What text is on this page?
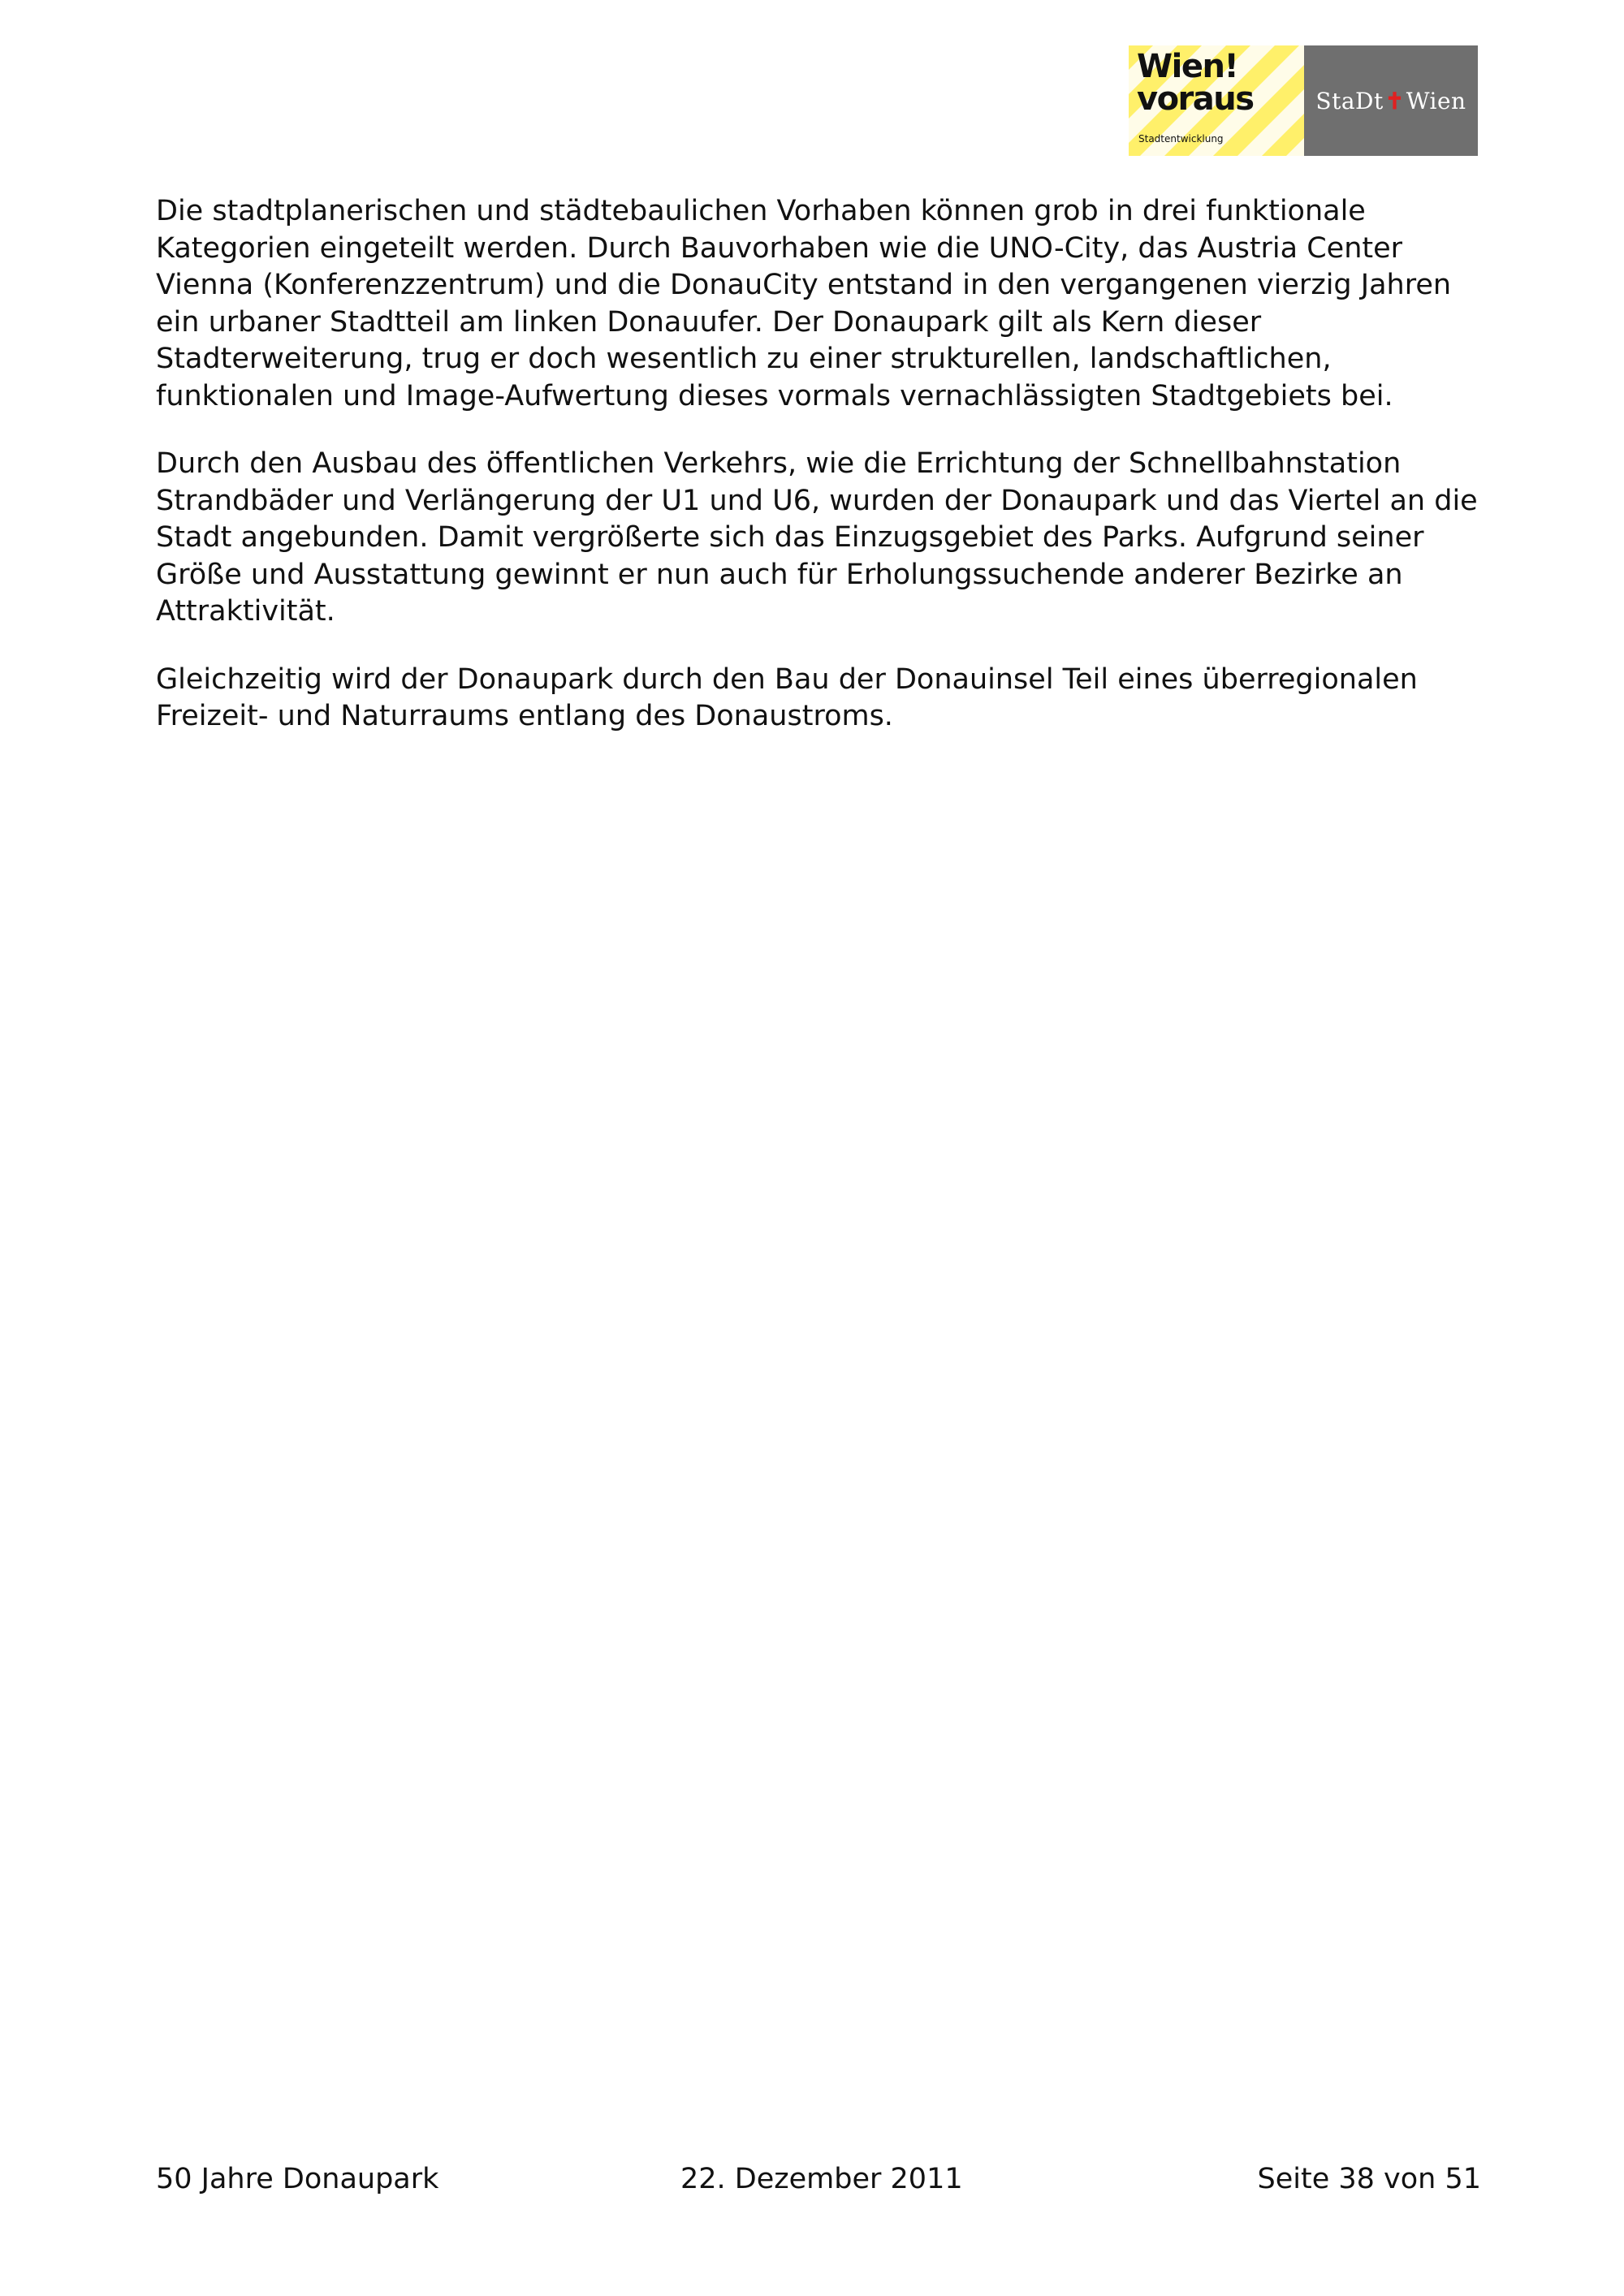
Wien!
voraus
Stadtentwicklung
StaDt ✝ Wien

Die stadtplanerischen und städtebaulichen Vorhaben können grob in drei funktionale Kategorien eingeteilt werden. Durch Bauvorhaben wie die UNO-City, das Austria Center Vienna (Konferenzzentrum) und die DonauCity entstand in den vergangenen vierzig Jahren ein urbaner Stadtteil am linken Donauufer. Der Donaupark gilt als Kern dieser Stadterweiterung, trug er doch wesentlich zu einer strukturellen, landschaftlichen, funktionalen und Image-Aufwertung dieses vormals vernachlässigten Stadtgebiets bei.

Durch den Ausbau des öffentlichen Verkehrs, wie die Errichtung der Schnellbahnstation Strandbäder und Verlängerung der U1 und U6, wurden der Donaupark und das Viertel an die Stadt angebunden. Damit vergrößerte sich das Einzugsgebiet des Parks. Aufgrund seiner Größe und Ausstattung gewinnt er nun auch für Erholungssuchende anderer Bezirke an Attraktivität.

Gleichzeitig wird der Donaupark durch den Bau der Donauinsel Teil eines überregionalen Freizeit- und Naturraums entlang des Donaustroms.

50 Jahre Donaupark	22. Dezember 2011	Seite 38 von 51
